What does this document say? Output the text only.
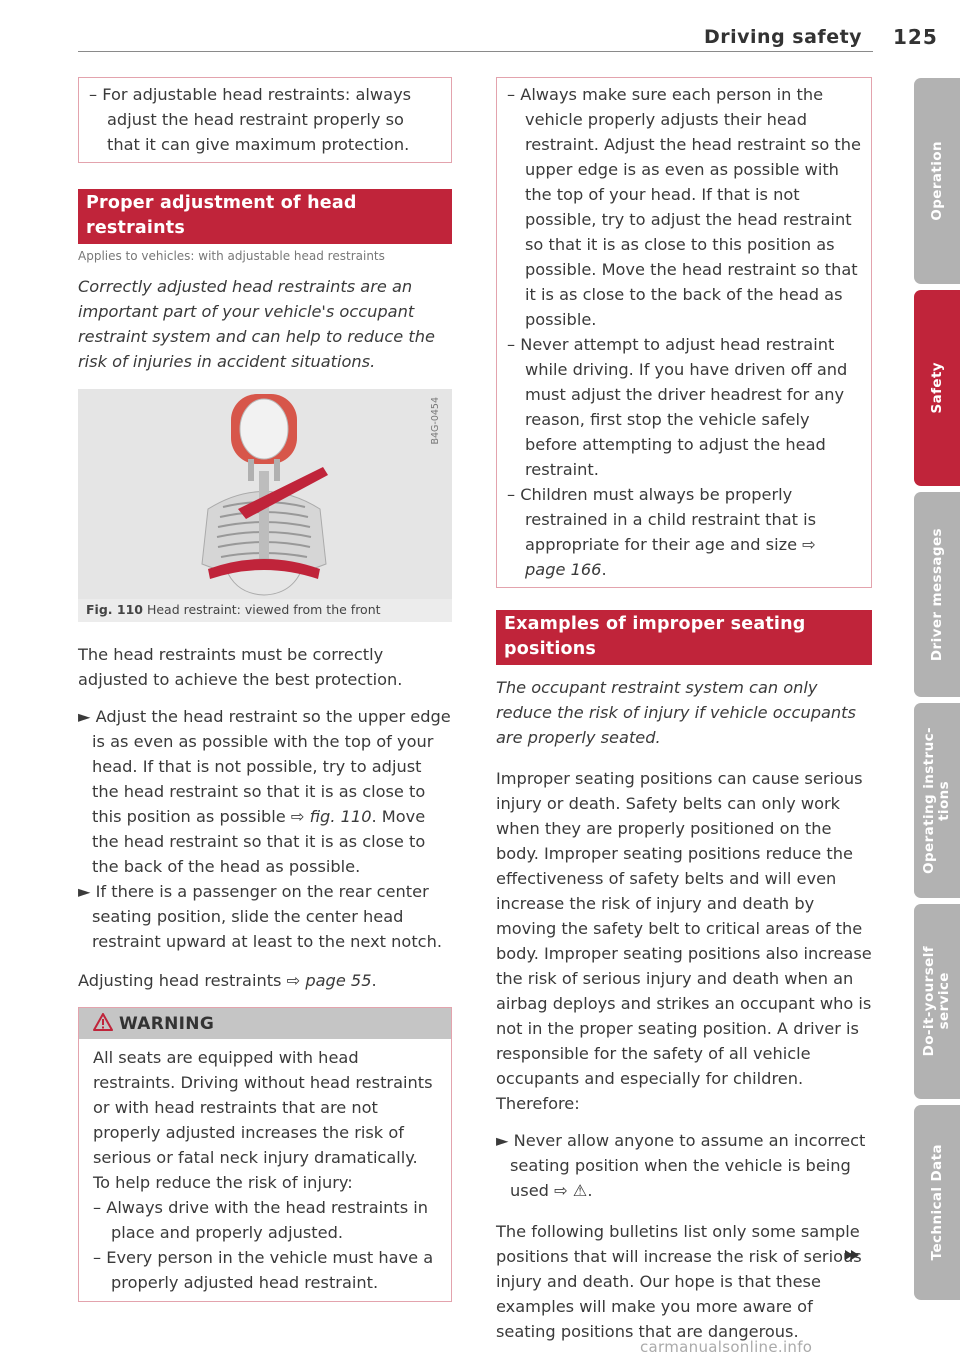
Driving safety 125
– For adjustable head restraints: always adjust the head restraint properly so that it can give maximum protection.
Proper adjustment of head restraints
Applies to vehicles: with adjustable head restraints
Correctly adjusted head restraints are an important part of your vehicle's occupant restraint system and can help to reduce the risk of injuries in accident situations.
B4G-0454
Fig. 110 Head restraint: viewed from the front

The head restraints must be correctly adjusted to achieve the best protection.

► Adjust the head restraint so the upper edge is as even as possible with the top of your head. If that is not possible, try to adjust the head restraint so that it is as close to this position as possible ⇨ fig. 110. Move the head restraint so that it is as close to the back of the head as possible.
► If there is a passenger on the rear center seating position, slide the center head restraint upward at least to the next notch.

Adjusting head restraints ⇨ page 55.

WARNING
All seats are equipped with head restraints. Driving without head restraints or with head restraints that are not properly adjusted increases the risk of serious or fatal neck injury dramatically. To help reduce the risk of injury:
– Always drive with the head restraints in place and properly adjusted.
– Every person in the vehicle must have a properly adjusted head restraint.
– Always make sure each person in the vehicle properly adjusts their head restraint. Adjust the head restraint so the upper edge is as even as possible with the top of your head. If that is not possible, try to adjust the head restraint so that it is as close to this position as possible. Move the head restraint so that it is as close to the back of the head as possible.
– Never attempt to adjust head restraint while driving. If you have driven off and must adjust the driver headrest for any reason, first stop the vehicle safely before attempting to adjust the head restraint.
– Children must always be properly restrained in a child restraint that is appropriate for their age and size ⇨ page 166.
Examples of improper seating positions
The occupant restraint system can only reduce the risk of injury if vehicle occupants are properly seated.

Improper seating positions can cause serious injury or death. Safety belts can only work when they are properly positioned on the body. Improper seating positions reduce the effectiveness of safety belts and will even increase the risk of injury and death by moving the safety belt to critical areas of the body. Improper seating positions also increase the risk of serious injury and death when an airbag deploys and strikes an occupant who is not in the proper seating position. A driver is responsible for the safety of all vehicle occupants and especially for children. Therefore:

► Never allow anyone to assume an incorrect seating position when the vehicle is being used ⇨ ⚠.

The following bulletins list only some sample positions that will increase the risk of serious injury and death. Our hope is that these examples will make you more aware of seating positions that are dangerous.

Operation
Safety
Driver messages
Operating instruc-
tions
Do-it-yourself
service
Technical Data
carmanualsonline.info
